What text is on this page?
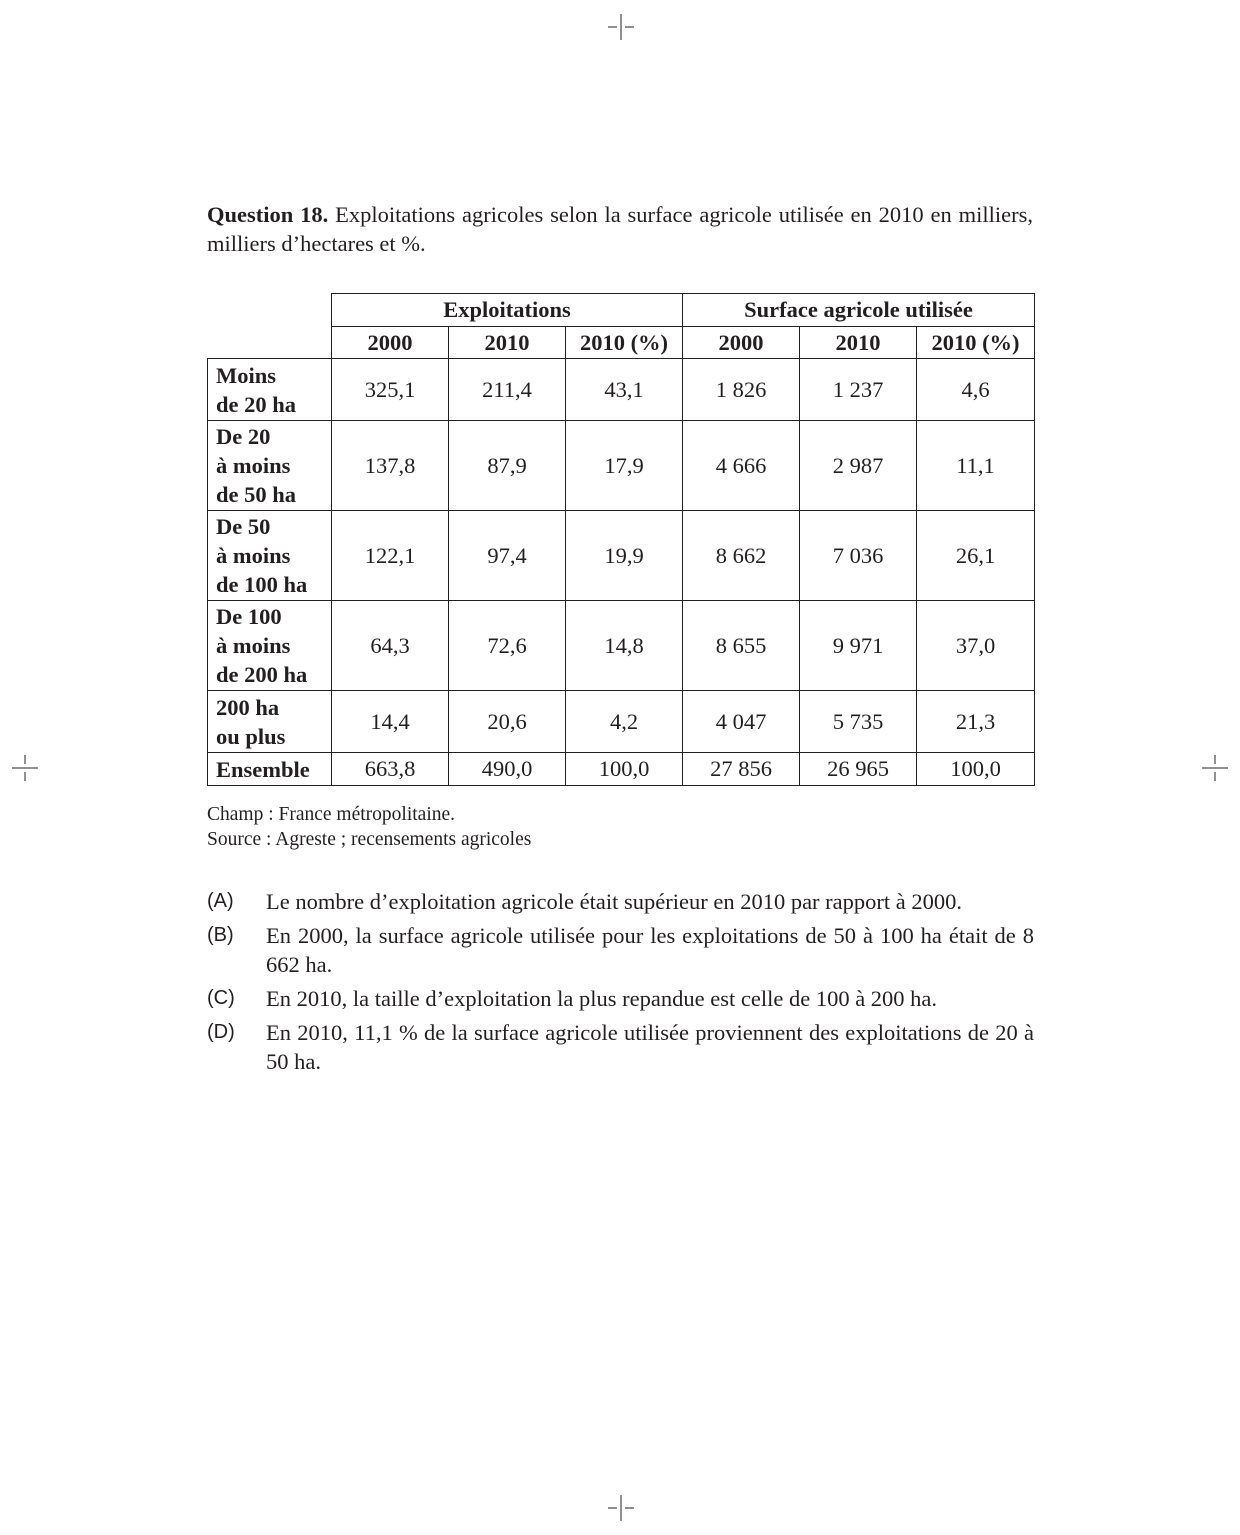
Question 18. Exploitations agricoles selon la surface agricole utilisée en 2010 en milliers, milliers d’hectares et %.
	Exploitations			Surface agricole utilisée		
	2000	2010	2010 (%)	2000	2010	2010 (%)
Moins
de 20 ha	325,1	211,4	43,1	1 826	1 237	4,6
De 20
à moins
de 50 ha	137,8	87,9	17,9	4 666	2 987	11,1
De 50
à moins
de 100 ha	122,1	97,4	19,9	8 662	7 036	26,1
De 100
à moins
de 200 ha	64,3	72,6	14,8	8 655	9 971	37,0
200 ha
ou plus	14,4	20,6	4,2	4 047	5 735	21,3
Ensemble	663,8	490,0	100,0	27 856	26 965	100,0
Champ : France métropolitaine.
Source : Agreste ; recensements agricoles
(A)	Le nombre d’exploitation agricole était supérieur en 2010 par rapport à 2000.
(B)	En 2000, la surface agricole utilisée pour les exploitations de 50 à 100 ha était de 8 662 ha.
(C)	En 2010, la taille d’exploitation la plus repandue est celle de 100 à 200 ha.
(D)	En 2010, 11,1 % de la surface agricole utilisée proviennent des exploitations de 20 à 50 ha.
